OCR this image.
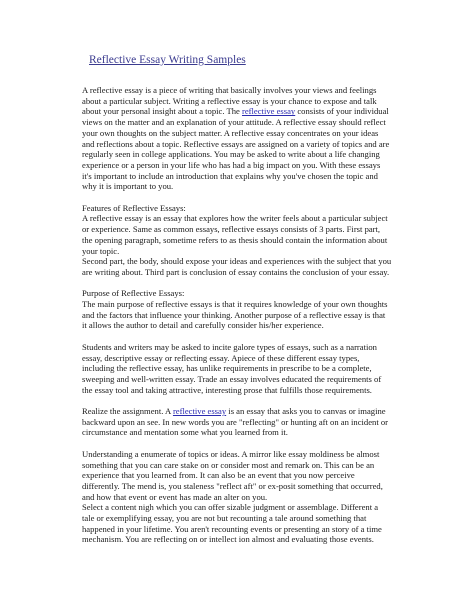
Reflective Essay Writing Samples
A reflective essay is a piece of writing that basically involves your views and feelings
about a particular subject. Writing a reflective essay is your chance to expose and talk
about your personal insight about a topic. The reflective essay consists of your individual
views on the matter and an explanation of your attitude. A reflective essay should reflect
your own thoughts on the subject matter. A reflective essay concentrates on your ideas
and reflections about a topic. Reflective essays are assigned on a variety of topics and are
regularly seen in college applications. You may be asked to write about a life changing
experience or a person in your life who has had a big impact on you. With these essays
it's important to include an introduction that explains why you've chosen the topic and
why it is important to you.
Features of Reflective Essays:
A reflective essay is an essay that explores how the writer feels about a particular subject
or experience. Same as common essays, reflective essays consists of 3 parts. First part,
the opening paragraph, sometime refers to as thesis should contain the information about
your topic.
Second part, the body, should expose your ideas and experiences with the subject that you
are writing about. Third part is conclusion of essay contains the conclusion of your essay.
Purpose of Reflective Essays:
The main purpose of reflective essays is that it requires knowledge of your own thoughts
and the factors that influence your thinking. Another purpose of a reflective essay is that
it allows the author to detail and carefully consider his/her experience.
Students and writers may be asked to incite galore types of essays, such as a narration
essay, descriptive essay or reflecting essay. Apiece of these different essay types,
including the reflective essay, has unlike requirements in prescribe to be a complete,
sweeping and well-written essay. Trade an essay involves educated the requirements of
the essay tool and taking attractive, interesting prose that fulfills those requirements.
Realize the assignment. A reflective essay is an essay that asks you to canvas or imagine
backward upon an see. In new words you are "reflecting" or hunting aft on an incident or
circumstance and mentation some what you learned from it.
Understanding a enumerate of topics or ideas. A mirror like essay moldiness be almost
something that you can care stake on or consider most and remark on. This can be an
experience that you learned from. It can also be an event that you now perceive
differently. The mend is, you staleness "reflect aft" or ex-posit something that occurred,
and how that event or event has made an alter on you.
Select a content nigh which you can offer sizable judgment or assemblage. Different a
tale or exemplifying essay, you are not but recounting a tale around something that
happened in your lifetime. You aren't recounting events or presenting an story of a time
mechanism. You are reflecting on or intellect ion almost and evaluating those events.
